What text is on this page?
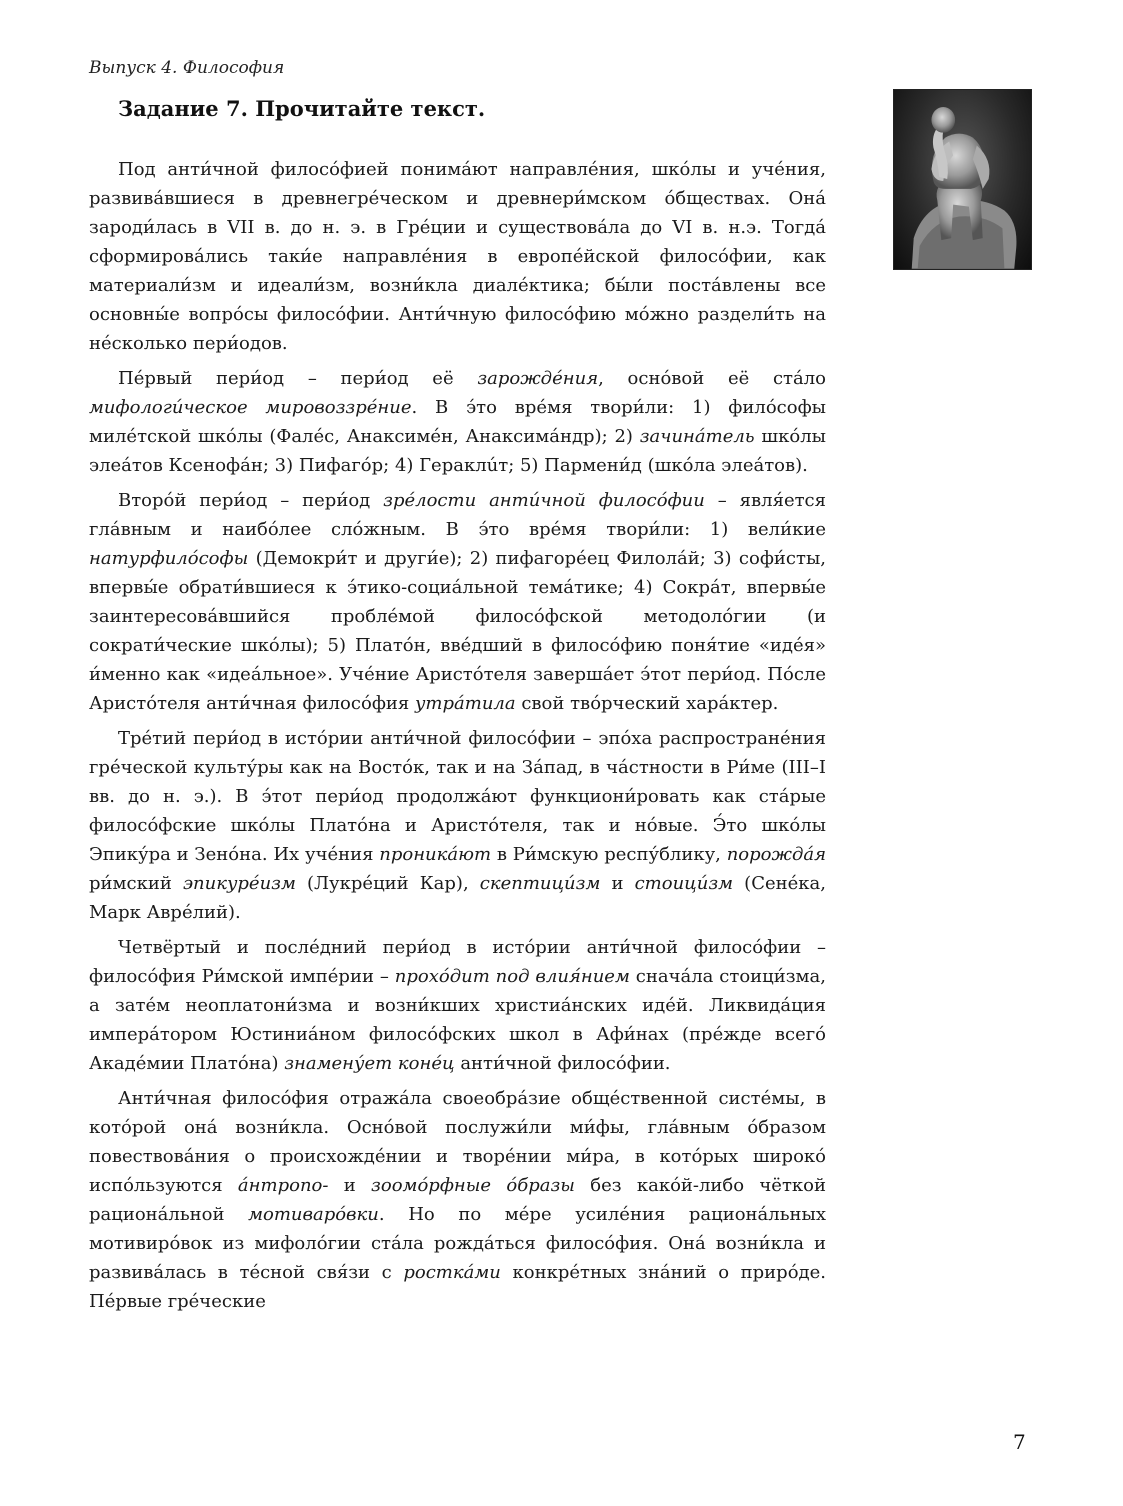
Выпуск 4. Философия
Задание 7. Прочитайте текст.

Под анти́чной филосо́фией понима́ют направле́ния, шко́лы и уче́ния, развива́вшиеся в древнегре́ческом и древнери́мском о́бществах. Она́ зароди́лась в VII в. до н. э. в Гре́ции и существова́ла до VI в. н.э. Тогда́ сформирова́лись таки́е направле́ния в европе́йской филосо́фии, как материали́зм и идеали́зм, возни́кла диале́ктика; бы́ли поста́влены все основны́е вопро́сы филосо́фии. Анти́чную филосо́фию мо́жно раздели́ть на не́сколько пери́одов.

Пе́рвый пери́од – пери́од её зарожде́ния, осно́вой её ста́ло мифологи́ческое мировоззре́ние. В э́то вре́мя твори́ли: 1) фило́софы миле́тской шко́лы (Фале́с, Анаксиме́н, Анаксима́ндр); 2) зачина́тель шко́лы элеа́тов Ксенофа́н; 3) Пифаго́р; 4) Гераклúт; 5) Пармени́д (шко́ла элеа́тов).

Второ́й пери́од – пери́од зре́лости анти́чной филосо́фии – явля́ется гла́вным и наибо́лее сло́жным. В э́то вре́мя твори́ли: 1) вели́кие натурфило́софы (Демокри́т и други́е); 2) пифагоре́ец Филола́й; 3) софи́сты, впервы́е обрати́вшиеся к э́тико-социа́льной тема́тике; 4) Сокра́т, впервы́е заинтересова́вшийся пробле́мой филосо́фской методоло́гии (и сократи́ческие шко́лы); 5) Плато́н, вве́дший в филосо́фию поня́тие «иде́я» и́менно как «идеа́льное». Уче́ние Аристо́теля заверша́ет э́тот пери́од. По́сле Аристо́теля анти́чная филосо́фия утра́тила свой тво́рческий хара́ктер.

Тре́тий пери́од в исто́рии анти́чной филосо́фии – эпо́ха распростране́ния гре́ческой культу́ры как на Восто́к, так и на За́пад, в ча́стности в Ри́ме (III–I вв. до н. э.). В э́тот пери́од продолжа́ют функциони́ровать как ста́рые филосо́фские шко́лы Плато́на и Аристо́теля, так и но́вые. Э́то шко́лы Эпику́ра и Зено́на. Их уче́ния проника́ют в Ри́мскую респу́блику, порожда́я ри́мский эпикуре́изм (Лукре́ций Кар), скептици́зм и стоици́зм (Сене́ка, Марк Авре́лий).

Четвёртый и после́дний пери́од в исто́рии анти́чной филосо́фии – филосо́фия Ри́мской импе́рии – прохо́дит под влия́нием снача́ла стоици́зма, а зате́м неоплатони́зма и возни́кших христиа́нских иде́й. Ликвида́ция импера́тором Юстиниа́ном филосо́фских школ в Афи́нах (пре́жде всего́ Акаде́мии Плато́на) знамену́ет коне́ц анти́чной филосо́фии.

Анти́чная филосо́фия отража́ла своеобра́зие обще́ственной систе́мы, в кото́рой она́ возни́кла. Осно́вой послужи́ли ми́фы, гла́вным о́бразом повествова́ния о происхожде́нии и творе́нии ми́ра, в кото́рых широко́ испо́льзуются а́нтропо- и зоомо́рфные о́бразы без како́й-либо чёткой рациона́льной мотиваро́вки. Но по ме́ре усиле́ния рациона́льных мотивиро́вок из мифоло́гии ста́ла рожда́ться филосо́фия. Она́ возни́кла и развива́лась в те́сной свя́зи с ростка́ми конкре́тных зна́ний о приро́де. Пе́рвые гре́ческие

7
